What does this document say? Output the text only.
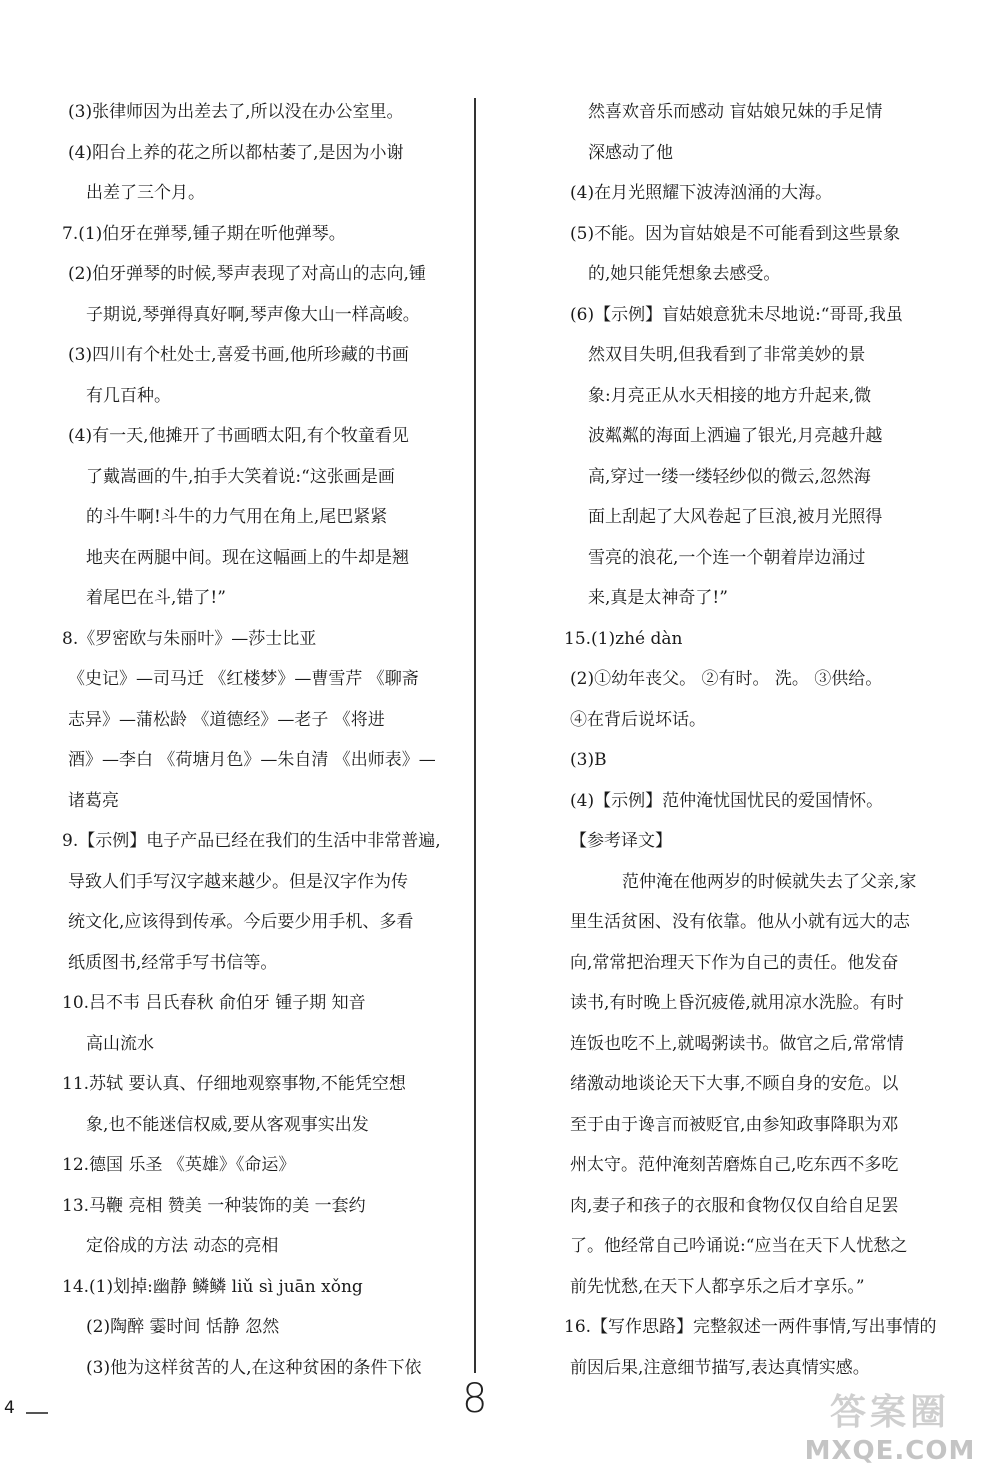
(3)张律师因为出差去了,所以没在办公室里。
(4)阳台上养的花之所以都枯萎了,是因为小谢
出差了三个月。
7.(1)伯牙在弹琴,锺子期在听他弹琴。
(2)伯牙弹琴的时候,琴声表现了对高山的志向,锺
子期说,琴弹得真好啊,琴声像大山一样高峻。
(3)四川有个杜处士,喜爱书画,他所珍藏的书画
有几百种。
(4)有一天,他摊开了书画晒太阳,有个牧童看见
了戴嵩画的牛,拍手大笑着说:“这张画是画
的斗牛啊!斗牛的力气用在角上,尾巴紧紧
地夹在两腿中间。现在这幅画上的牛却是翘
着尾巴在斗,错了!”
8.《罗密欧与朱丽叶》—莎士比亚
《史记》—司马迁 《红楼梦》—曹雪芹 《聊斋
志异》—蒲松龄 《道德经》—老子 《将进
酒》—李白 《荷塘月色》—朱自清 《出师表》—
诸葛亮
9.【示例】电子产品已经在我们的生活中非常普遍,
导致人们手写汉字越来越少。但是汉字作为传
统文化,应该得到传承。今后要少用手机、多看
纸质图书,经常手写书信等。
10.吕不韦 吕氏春秋 俞伯牙 锺子期 知音
高山流水
11.苏轼 要认真、仔细地观察事物,不能凭空想
象,也不能迷信权威,要从客观事实出发
12.德国 乐圣 《英雄》《命运》
13.马鞭 亮相 赞美 一种装饰的美 一套约
定俗成的方法 动态的亮相
14.(1)划掉:幽静 鳞鳞 liǔ sì juān xǒng
(2)陶醉 霎时间 恬静 忽然
(3)他为这样贫苦的人,在这种贫困的条件下依
然喜欢音乐而感动 盲姑娘兄妹的手足情
深感动了他
(4)在月光照耀下波涛汹涌的大海。
(5)不能。因为盲姑娘是不可能看到这些景象
的,她只能凭想象去感受。
(6)【示例】盲姑娘意犹未尽地说:“哥哥,我虽
然双目失明,但我看到了非常美妙的景
象:月亮正从水天相接的地方升起来,微
波粼粼的海面上洒遍了银光,月亮越升越
高,穿过一缕一缕轻纱似的微云,忽然海
面上刮起了大风卷起了巨浪,被月光照得
雪亮的浪花,一个连一个朝着岸边涌过
来,真是太神奇了!”
15.(1)zhé dàn
(2)①幼年丧父。 ②有时。 洗。 ③供给。
④在背后说坏话。
(3)B
(4)【示例】范仲淹忧国忧民的爱国情怀。
【参考译文】
范仲淹在他两岁的时候就失去了父亲,家
里生活贫困、没有依靠。他从小就有远大的志
向,常常把治理天下作为自己的责任。他发奋
读书,有时晚上昏沉疲倦,就用凉水洗脸。有时
连饭也吃不上,就喝粥读书。做官之后,常常情
绪激动地谈论天下大事,不顾自身的安危。以
至于由于谗言而被贬官,由参知政事降职为邓
州太守。范仲淹刻苦磨炼自己,吃东西不多吃
肉,妻子和孩子的衣服和食物仅仅自给自足罢
了。他经常自己吟诵说:“应当在天下人忧愁之
前先忧愁,在天下人都享乐之后才享乐。”
16.【写作思路】完整叙述一两件事情,写出事情的
前因后果,注意细节描写,表达真情实感。
4	8	答案圈
MXQE.COM
